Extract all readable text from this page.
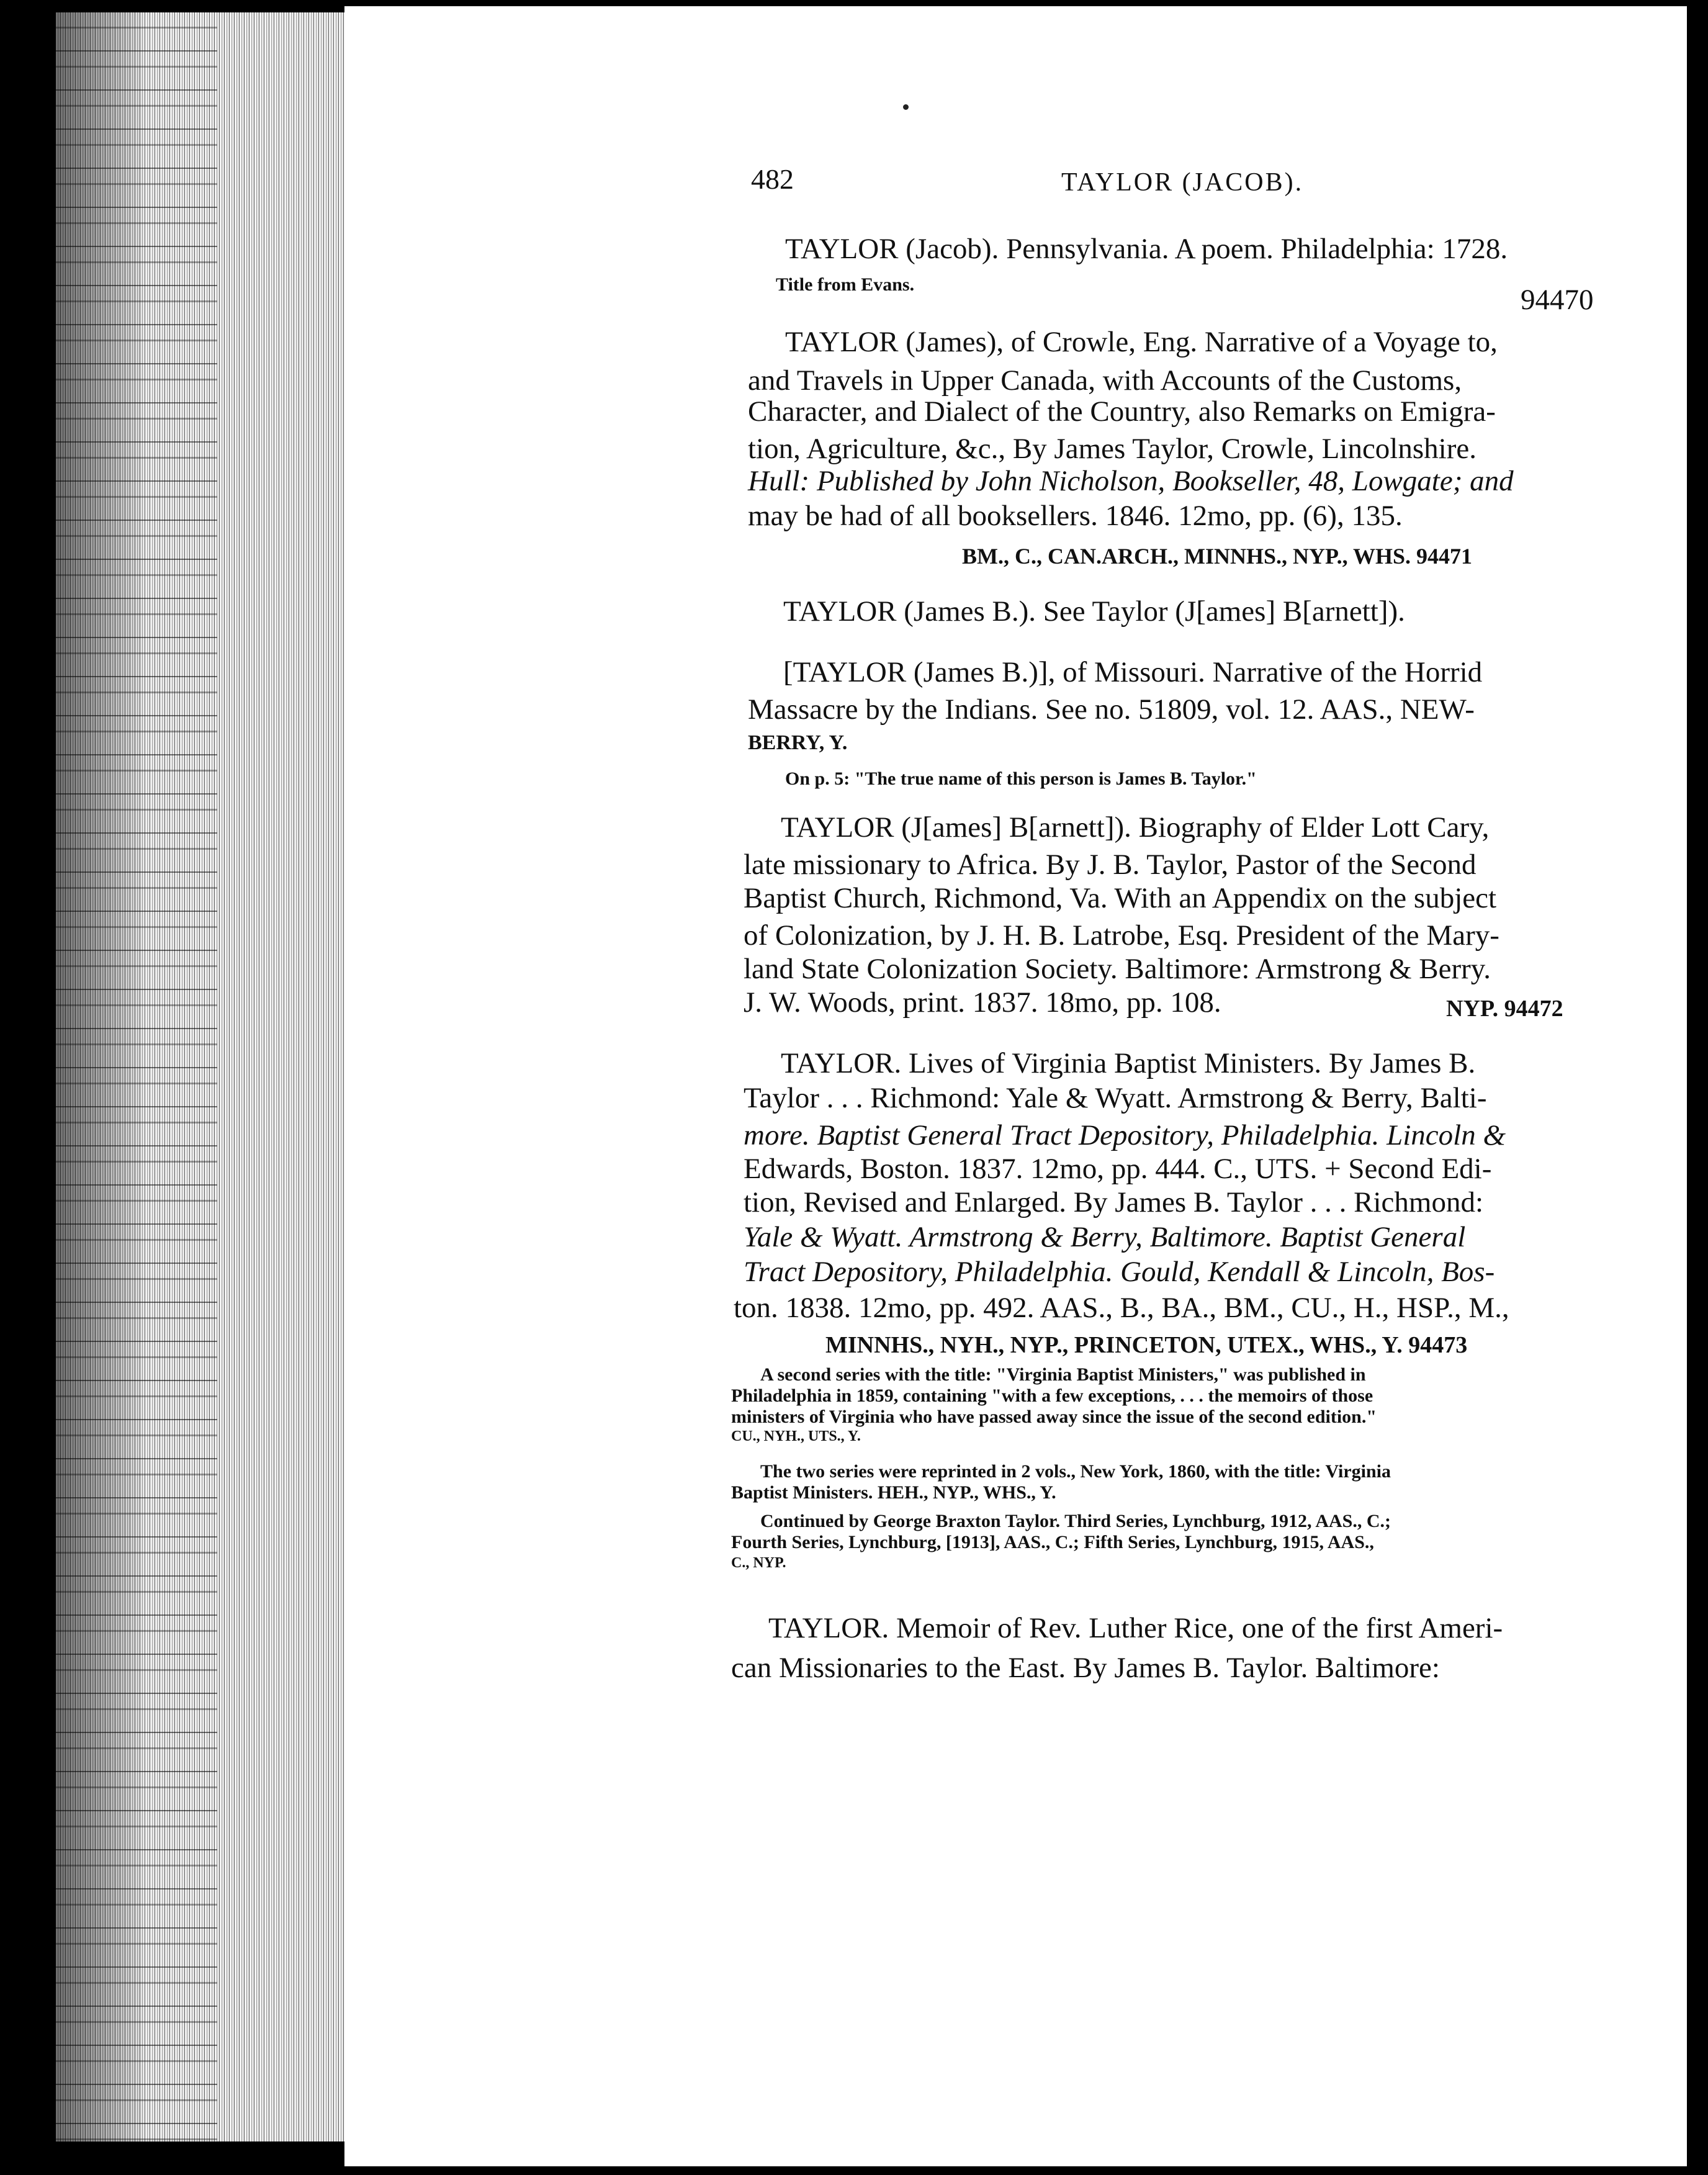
482	TAYLOR (JACOB).
TAYLOR (Jacob). Pennsylvania. A poem. Philadelphia: 1728.
Title from Evans.	94470
TAYLOR (James), of Crowle, Eng. Narrative of a Voyage to,
and Travels in Upper Canada, with Accounts of the Customs,
Character, and Dialect of the Country, also Remarks on Emigra-
tion, Agriculture, &c., By James Taylor, Crowle, Lincolnshire.
Hull: Published by John Nicholson, Bookseller, 48, Lowgate; and
may be had of all booksellers. 1846. 12mo, pp. (6), 135.
BM., C., CAN.ARCH., MINNHS., NYP., WHS. 94471
TAYLOR (James B.). See Taylor (J[ames] B[arnett]).
[TAYLOR (James B.)], of Missouri. Narrative of the Horrid
Massacre by the Indians. See no. 51809, vol. 12. AAS., NEW-
BERRY, Y.
On p. 5: "The true name of this person is James B. Taylor."
TAYLOR (J[ames] B[arnett]). Biography of Elder Lott Cary,
late missionary to Africa. By J. B. Taylor, Pastor of the Second
Baptist Church, Richmond, Va. With an Appendix on the subject
of Colonization, by J. H. B. Latrobe, Esq. President of the Mary-
land State Colonization Society. Baltimore: Armstrong & Berry.
J. W. Woods, print. 1837. 18mo, pp. 108.	NYP. 94472
TAYLOR. Lives of Virginia Baptist Ministers. By James B.
Taylor . . . Richmond: Yale & Wyatt. Armstrong & Berry, Balti-
more. Baptist General Tract Depository, Philadelphia. Lincoln &
Edwards, Boston. 1837. 12mo, pp. 444. C., UTS. + Second Edi-
tion, Revised and Enlarged. By James B. Taylor . . . Richmond:
Yale & Wyatt. Armstrong & Berry, Baltimore. Baptist General
Tract Depository, Philadelphia. Gould, Kendall & Lincoln, Bos-
ton. 1838. 12mo, pp. 492. AAS., B., BA., BM., CU., H., HSP., M.,
MINNHS., NYH., NYP., PRINCETON, UTEX., WHS., Y. 94473
A second series with the title: "Virginia Baptist Ministers," was published in
Philadelphia in 1859, containing "with a few exceptions, . . . the memoirs of those
ministers of Virginia who have passed away since the issue of the second edition."
CU., NYH., UTS., Y.
The two series were reprinted in 2 vols., New York, 1860, with the title: Virginia
Baptist Ministers. HEH., NYP., WHS., Y.
Continued by George Braxton Taylor. Third Series, Lynchburg, 1912, AAS., C.;
Fourth Series, Lynchburg, [1913], AAS., C.; Fifth Series, Lynchburg, 1915, AAS.,
C., NYP.
TAYLOR. Memoir of Rev. Luther Rice, one of the first Ameri-
can Missionaries to the East. By James B. Taylor. Baltimore:
